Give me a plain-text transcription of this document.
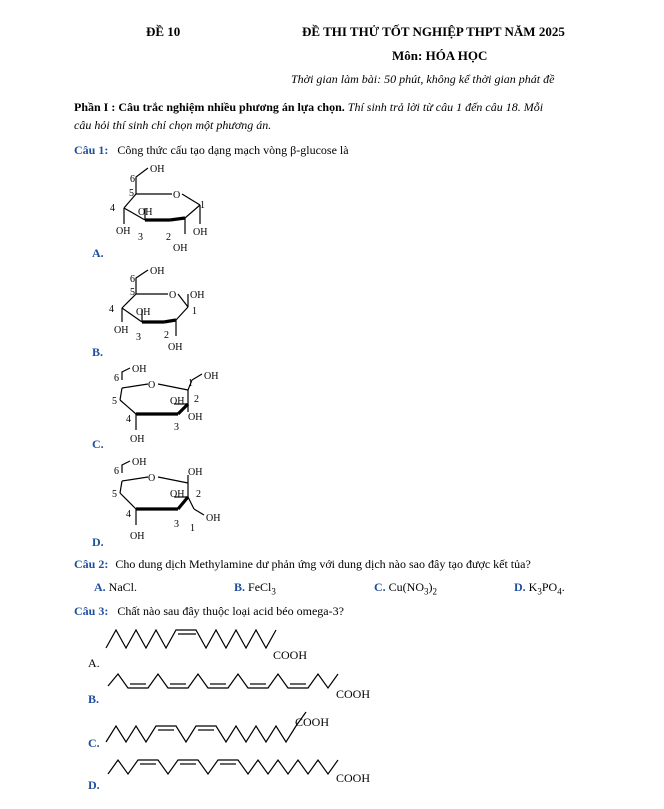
ĐỀ 10	ĐỀ THI THỬ TỐT NGHIỆP THPT NĂM 2025
Môn: HÓA HỌC
Thời gian làm bài: 50 phút, không kể thời gian phát đề
Phần I : Câu trắc nghiệm nhiều phương án lựa chọn. Thí sinh trả lời từ câu 1 đến câu 18. Mỗi
câu hỏi thí sinh chỉ chọn một phương án.
Câu 1: Công thức cấu tạo dạng mạch vòng β-glucose là
A.
B.
C.
D.
OH
6
5	O
1
4 OH
OH
3 2 OH
OH
OH
6
5	O OH
1
4 OH
OH
3 2
OH
OH
6
O	1
OH
5	OH 2
OH
4
3
OH
OH
6
O
OH
5	OH 2
4	OH
3 1
OH
Câu 2: Cho dung dịch Methylamine dư phản ứng với dung dịch nào sao đây tạo được kết tủa?
A. NaCl.	B. FeCl$_3$	C. $Cu(NO_3)_2$	D. $K_3PO_4$.
Câu 3: Chất nào sau đây thuộc loại acid béo omega-3?
A.
B.
C.
D.
COOH
COOH
COOH
COOH
